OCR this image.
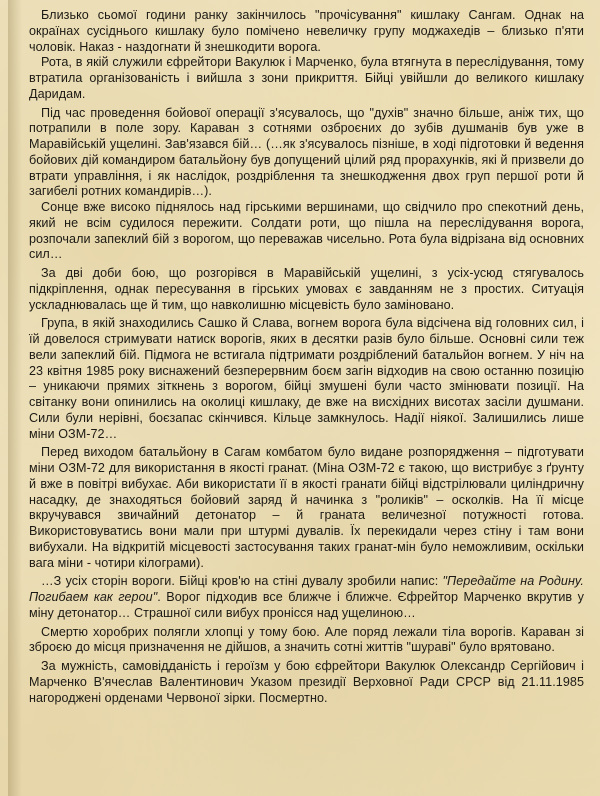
Близько сьомої години ранку закінчилось "прочісування" кишлаку Сангам. Однак на окраїнах сусіднього кишлаку було помічено невеличку групу моджахедів – близько п'яти чоловік. Наказ - наздогнати й знешкодити ворога.

Рота, в якій служили єфрейтори Вакулюк і Марченко, була втягнута в переслідування, тому втратила організованість і вийшла з зони прикриття. Бійці увійшли до великого кишлаку Даридам.

Під час проведення бойової операції з'ясувалось, що "духів" значно більше, аніж тих, що потрапили в поле зору. Караван з сотнями озброєних до зубів душманів був уже в Маравійській ущелині. Зав'язався бій… (…як з'ясувалось пізніше, в ході підготовки й ведення бойових дій командиром батальйону був допущений цілий ряд прорахунків, які й призвели до втрати управління, і як наслідок, роздріблення та знешкодження двох груп першої роти й загибелі ротних командирів…).

Сонце вже високо піднялось над гірськими вершинами, що свідчило про спекотний день, який не всім судилося пережити. Солдати роти, що пішла на переслідування ворога, розпочали запеклий бій з ворогом, що переважав чисельно. Рота була відрізана від основних сил…

За дві доби бою, що розгорівся в Маравійській ущелині, з усіх-усюд стягувалось підкріплення, однак пересування в гірських умовах є завданням не з простих. Ситуація ускладнювалась ще й тим, що навколишню місцевість було заміновано.

Група, в якій знаходились Сашко й Слава, вогнем ворога була відсічена від головних сил, і їй довелося стримувати натиск ворогів, яких в десятки разів було більше. Основні сили теж вели запеклий бій. Підмога не встигала підтримати роздріблений батальйон вогнем. У ніч на 23 квітня 1985 року виснажений безперервним боєм загін відходив на свою останню позицію – уникаючи прямих зіткнень з ворогом, бійці змушені були часто змінювати позиції. На світанку вони опинились на околиці кишлаку, де вже на висхідних висотах засіли душмани. Сили були нерівні, боєзапас скінчився. Кільце замкнулось. Надії ніякої. Залишились лише міни ОЗМ-72…

Перед виходом батальйону в Сагам комбатом було видане розпорядження – підготувати міни ОЗМ-72 для використання в якості гранат. (Міна ОЗМ-72 є такою, що вистрибує з ґрунту й вже в повітрі вибухає. Аби використати її в якості гранати бійці відстрілювали циліндричну насадку, де знаходяться бойовий заряд й начинка з "роликів" – осколків. На її місце вкручувався звичайний детонатор – й граната величезної потужності готова. Використовуватись вони мали при штурмі дувалів. Їх перекидали через стіну і там вони вибухали. На відкритій місцевості застосування таких гранат-мін було неможливим, оскільки вага міни - чотири кілограми).

…З усіх сторін вороги. Бійці кров'ю на стіні дувалу зробили напис: "Передайте на Родину. Погибаем как герои". Ворог підходив все ближче і ближче. Єфрейтор Марченко вкрутив у міну детонатор… Страшної сили вибух пронісся над ущелиною…

Смертю хоробрих полягли хлопці у тому бою. Але поряд лежали тіла ворогів. Караван зі зброєю до місця призначення не дійшов, а значить сотні життів "шураві" було врятовано.

За мужність, самовідданість і героїзм у бою єфрейтори Вакулюк Олександр Сергійович і Марченко В'ячеслав Валентинович Указом президії Верховної Ради СРСР від 21.11.1985 нагороджені орденами Червоної зірки. Посмертно.
